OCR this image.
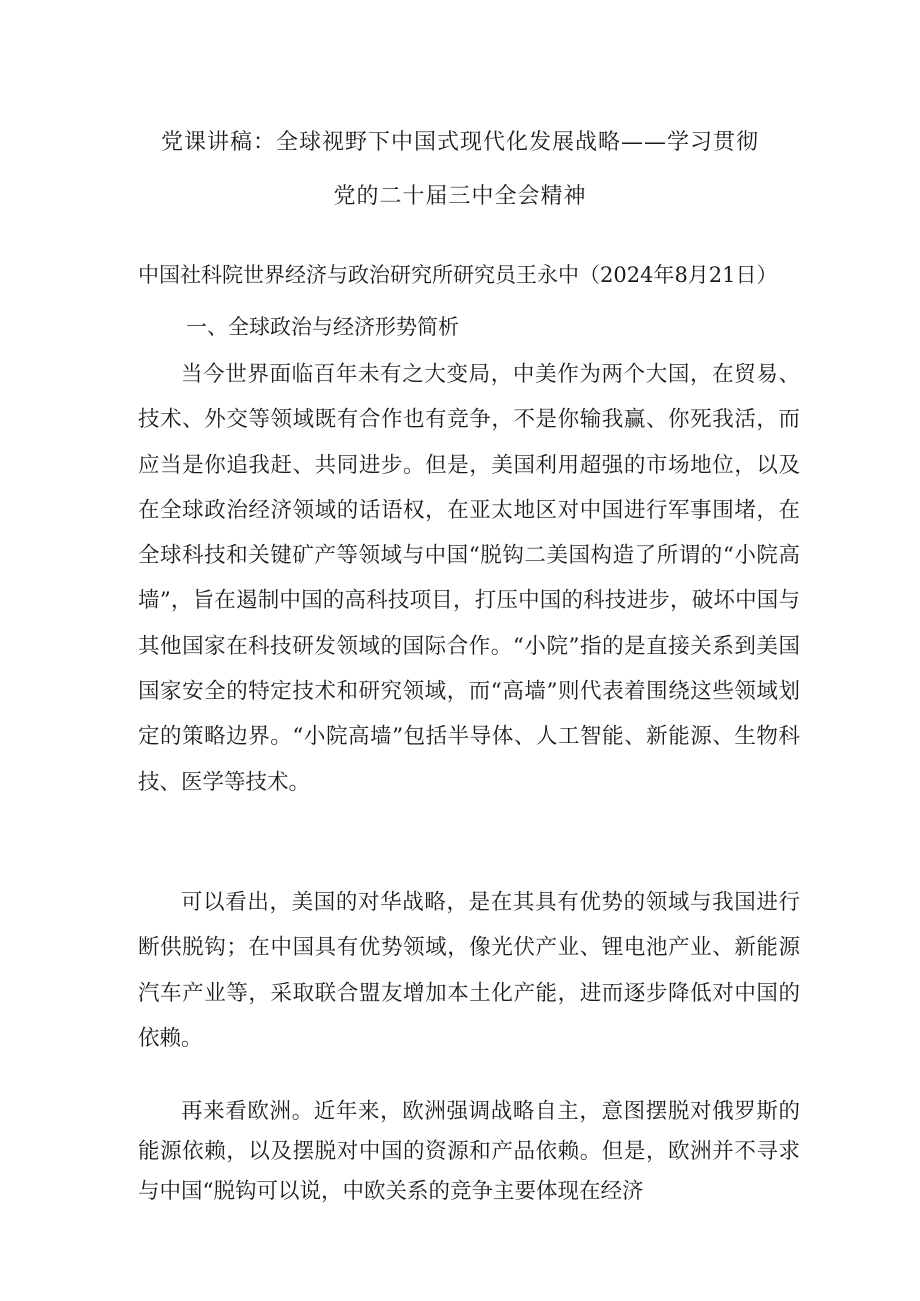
党课讲稿：全球视野下中国式现代化发展战略——学习贯彻
党的二十届三中全会精神
中国社科院世界经济与政治研究所研究员王永中（2024年8月21日）
一、全球政治与经济形势简析

当今世界面临百年未有之大变局，中美作为两个大国，在贸易、技术、外交等领域既有合作也有竞争，不是你输我赢、你死我活，而应当是你追我赶、共同进步。但是，美国利用超强的市场地位，以及在全球政治经济领域的话语权，在亚太地区对中国进行军事围堵，在全球科技和关键矿产等领域与中国“脱钩二美国构造了所谓的“小院高墙”，旨在遏制中国的高科技项目，打压中国的科技进步，破坏中国与其他国家在科技研发领域的国际合作。“小院”指的是直接关系到美国国家安全的特定技术和研究领域，而“高墙”则代表着围绕这些领域划定的策略边界。“小院高墙”包括半导体、人工智能、新能源、生物科技、医学等技术。

可以看出，美国的对华战略，是在其具有优势的领域与我国进行断供脱钩；在中国具有优势领域，像光伏产业、锂电池产业、新能源汽车产业等，采取联合盟友增加本土化产能，进而逐步降低对中国的依赖。

再来看欧洲。近年来，欧洲强调战略自主，意图摆脱对俄罗斯的能源依赖，以及摆脱对中国的资源和产品依赖。但是，欧洲并不寻求与中国“脱钩可以说，中欧关系的竞争主要体现在经济
